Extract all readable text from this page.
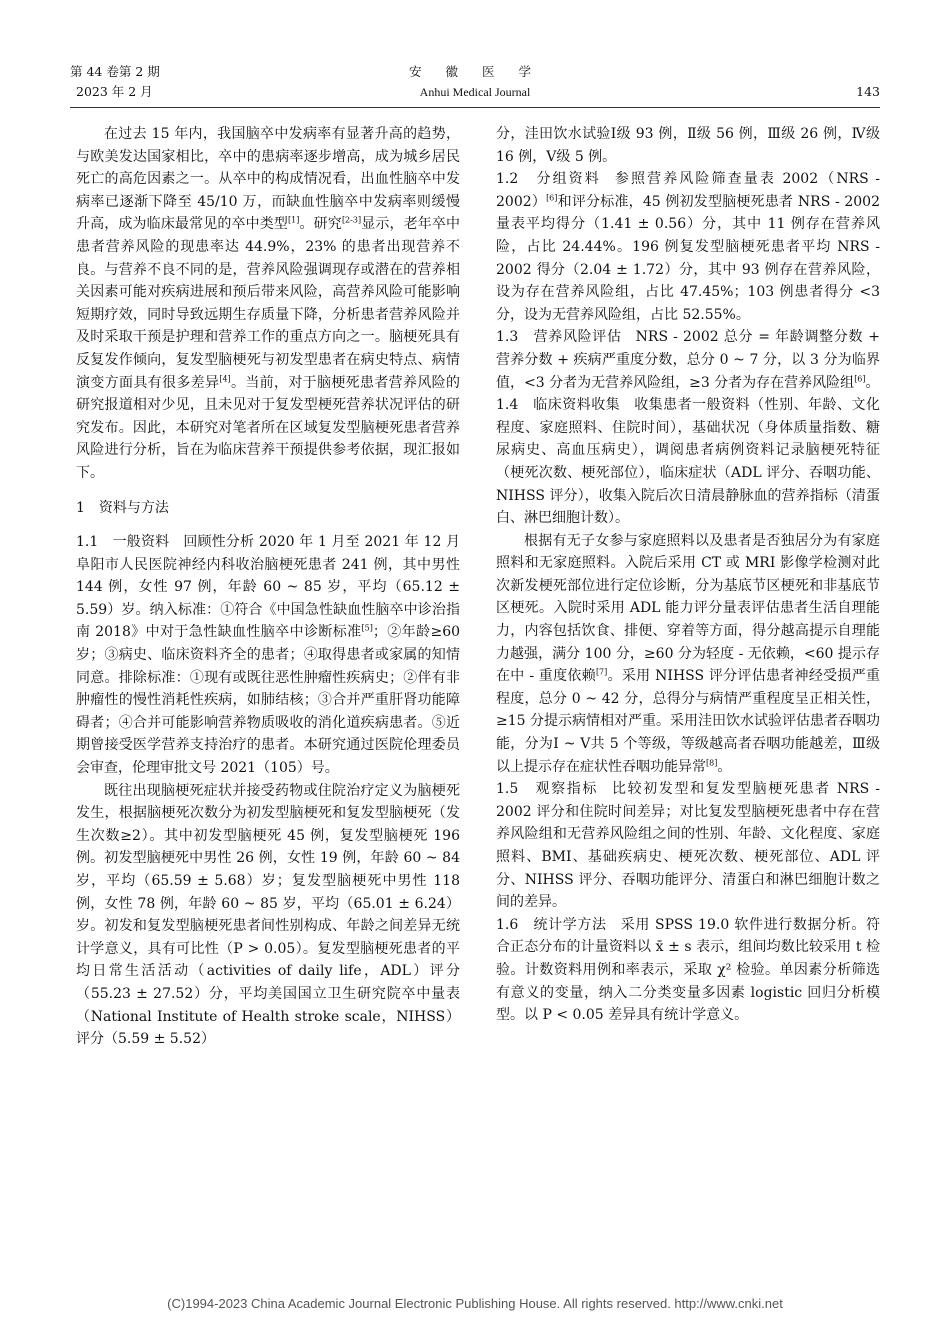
第 44 卷第 2 期	安 徽 医 学
2023 年 2 月	Anhui Medical Journal	143

在过去 15 年内，我国脑卒中发病率有显著升高的趋势，与欧美发达国家相比，卒中的患病率逐步增高，成为城乡居民死亡的高危因素之一。从卒中的构成情况看，出血性脑卒中发病率已逐渐下降至 45/10 万，而缺血性脑卒中发病率则缓慢升高，成为临床最常见的卒中类型[1]。研究[2-3]显示，老年卒中患者营养风险的现患率达 44.9%，23% 的患者出现营养不良。与营养不良不同的是，营养风险强调现存或潜在的营养相关因素可能对疾病进展和预后带来风险，高营养风险可能影响短期疗效，同时导致远期生存质量下降，分析患者营养风险并及时采取干预是护理和营养工作的重点方向之一。脑梗死具有反复发作倾向，复发型脑梗死与初发型患者在病史特点、病情演变方面具有很多差异[4]。当前，对于脑梗死患者营养风险的研究报道相对少见，且未见对于复发型梗死营养状况评估的研究发布。因此，本研究对笔者所在区域复发型脑梗死患者营养风险进行分析，旨在为临床营养干预提供参考依据，现汇报如下。

1　资料与方法

1.1　一般资料 回顾性分析 2020 年 1 月至 2021 年 12 月阜阳市人民医院神经内科收治脑梗死患者 241 例，其中男性 144 例，女性 97 例，年龄 60 ~ 85 岁，平均（65.12 ± 5.59）岁。纳入标准：①符合《中国急性缺血性脑卒中诊治指南 2018》中对于急性缺血性脑卒中诊断标准[5]；②年龄≥60 岁；③病史、临床资料齐全的患者；④取得患者或家属的知情同意。排除标准：①现有或既往恶性肿瘤性疾病史；②伴有非肿瘤性的慢性消耗性疾病，如肺结核；③合并严重肝肾功能障碍者；④合并可能影响营养物质吸收的消化道疾病患者。⑤近期曾接受医学营养支持治疗的患者。本研究通过医院伦理委员会审查，伦理审批文号 2021（105）号。

既往出现脑梗死症状并接受药物或住院治疗定义为脑梗死发生，根据脑梗死次数分为初发型脑梗死和复发型脑梗死（发生次数≥2）。其中初发型脑梗死 45 例，复发型脑梗死 196 例。初发型脑梗死中男性 26 例，女性 19 例，年龄 60 ~ 84 岁，平均（65.59 ± 5.68）岁；复发型脑梗死中男性 118 例，女性 78 例，年龄 60 ~ 85 岁，平均（65.01 ± 6.24）岁。初发和复发型脑梗死患者间性别构成、年龄之间差异无统计学意义，具有可比性（P > 0.05）。复发型脑梗死患者的平均日常生活活动（activities of daily life，ADL）评分（55.23 ± 27.52）分，平均美国国立卫生研究院卒中量表（National Institute of Health stroke scale，NIHSS）评分（5.59 ± 5.52）

分，洼田饮水试验Ⅰ级 93 例，Ⅱ级 56 例，Ⅲ级 26 例，Ⅳ级 16 例，Ⅴ级 5 例。

1.2　分组资料 参照营养风险筛查量表 2002（NRS - 2002）[6]和评分标准，45 例初发型脑梗死患者 NRS - 2002 量表平均得分（1.41 ± 0.56）分，其中 11 例存在营养风险，占比 24.44%。196 例复发型脑梗死患者平均 NRS - 2002 得分（2.04 ± 1.72）分，其中 93 例存在营养风险，设为存在营养风险组，占比 47.45%；103 例患者得分 <3 分，设为无营养风险组，占比 52.55%。

1.3　营养风险评估 NRS - 2002 总分 = 年龄调整分数 + 营养分数 + 疾病严重度分数，总分 0 ~ 7 分，以 3 分为临界值，<3 分者为无营养风险组，≥3 分者为存在营养风险组[6]。

1.4　临床资料收集 收集患者一般资料（性别、年龄、文化程度、家庭照料、住院时间），基础状况（身体质量指数、糖尿病史、高血压病史），调阅患者病例资料记录脑梗死特征（梗死次数、梗死部位），临床症状（ADL 评分、吞咽功能、NIHSS 评分），收集入院后次日清晨静脉血的营养指标（清蛋白、淋巴细胞计数）。

根据有无子女参与家庭照料以及患者是否独居分为有家庭照料和无家庭照料。入院后采用 CT 或 MRI 影像学检测对此次新发梗死部位进行定位诊断，分为基底节区梗死和非基底节区梗死。入院时采用 ADL 能力评分量表评估患者生活自理能力，内容包括饮食、排便、穿着等方面，得分越高提示自理能力越强，满分 100 分，≥60 分为轻度 - 无依赖，<60 提示存在中 - 重度依赖[7]。采用 NIHSS 评分评估患者神经受损严重程度，总分 0 ~ 42 分，总得分与病情严重程度呈正相关性，≥15 分提示病情相对严重。采用洼田饮水试验评估患者吞咽功能，分为Ⅰ ~ Ⅴ共 5 个等级，等级越高者吞咽功能越差，Ⅲ级以上提示存在症状性吞咽功能异常[8]。

1.5　观察指标 比较初发型和复发型脑梗死患者 NRS - 2002 评分和住院时间差异；对比复发型脑梗死患者中存在营养风险组和无营养风险组之间的性别、年龄、文化程度、家庭照料、BMI、基础疾病史、梗死次数、梗死部位、ADL 评分、NIHSS 评分、吞咽功能评分、清蛋白和淋巴细胞计数之间的差异。

1.6　统计学方法 采用 SPSS 19.0 软件进行数据分析。符合正态分布的计量资料以 x̄ ± s 表示，组间均数比较采用 t 检验。计数资料用例和率表示，采取 χ² 检验。单因素分析筛选有意义的变量，纳入二分类变量多因素 logistic 回归分析模型。以 P < 0.05 差异具有统计学意义。

(C)1994-2023 China Academic Journal Electronic Publishing House. All rights reserved. http://www.cnki.net
